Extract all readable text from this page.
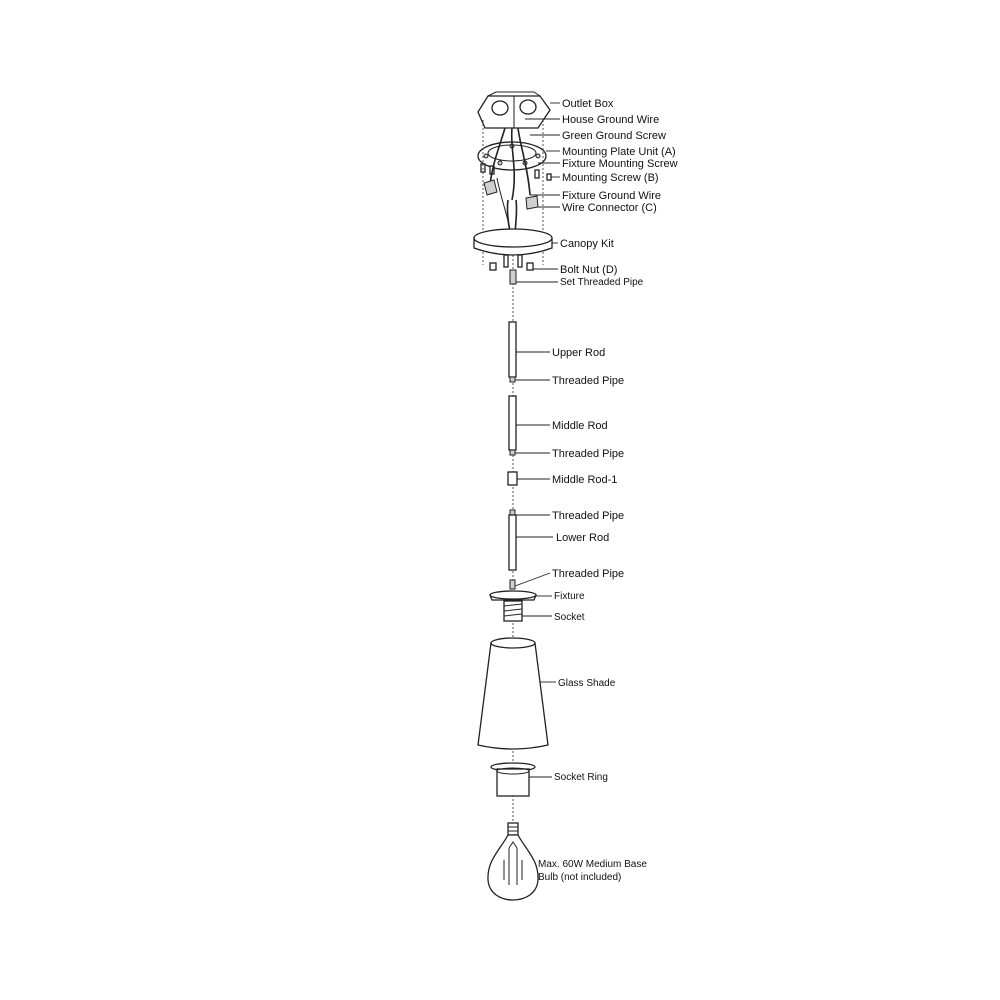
Outlet Box
House Ground Wire
Green Ground Screw
Mounting Plate Unit (A)
Fixture Mounting Screw
Mounting Screw (B)
Fixture Ground Wire
Wire Connector (C)
Canopy Kit
Bolt Nut (D)
Set Threaded Pipe
Upper Rod
Threaded Pipe
Middle Rod
Threaded Pipe
Middle Rod-1
Threaded Pipe
Lower Rod
Threaded Pipe
Fixture
Socket
Glass Shade
Socket Ring
Max. 60W Medium Base
Bulb (not included)
